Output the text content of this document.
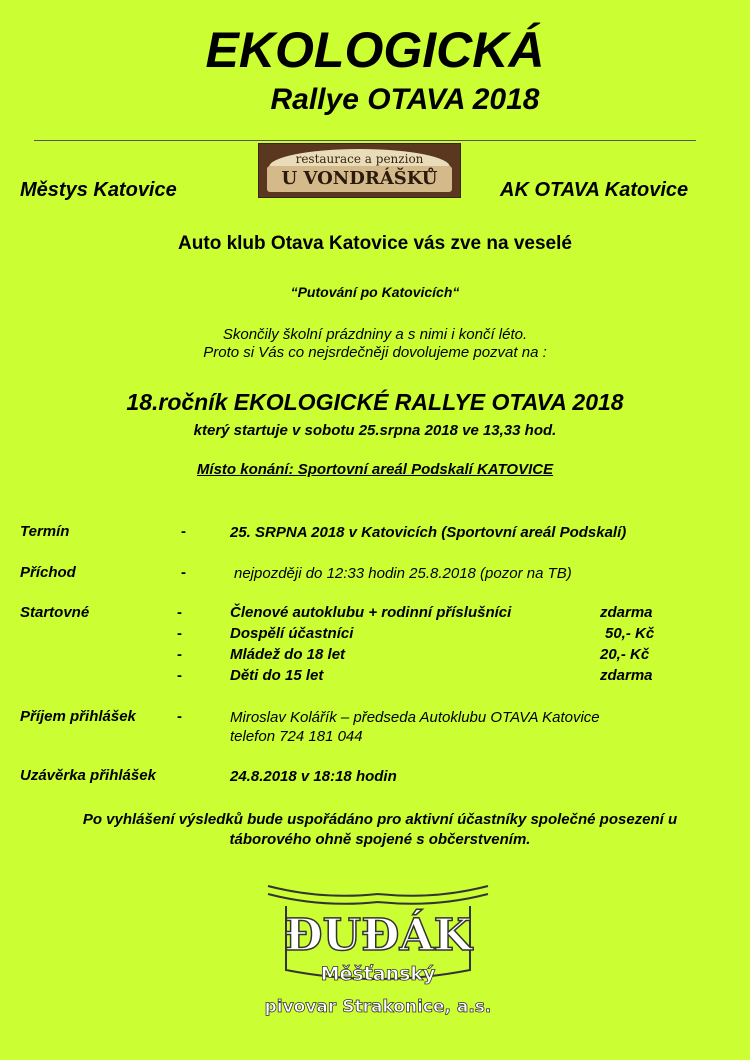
EKOLOGICKÁ
Rallye OTAVA 2018
Městys Katovice
restaurace a penzion
U VONDRÁŠKŮ
AK OTAVA Katovice
Auto klub Otava Katovice vás zve na veselé
“Putování po Katovicích“
Skončily školní prázdniny a s nimi i končí léto.
Proto si Vás co nejsrdečněji dovolujeme pozvat na :
18.ročník EKOLOGICKÉ RALLYE OTAVA 2018
který startuje v sobotu 25.srpna 2018 ve 13,33 hod.
Místo konání: Sportovní areál Podskalí KATOVICE
Termín	-	25. SRPNA 2018 v Katovicích (Sportovní areál Podskalí)
Příchod	-	nejpozději do 12:33 hodin 25.8.2018 (pozor na TB)
Startovné	-	Členové autoklubu + rodinní příslušníci	zdarma
-	Dospělí účastníci	50,- Kč
-	Mládež do 18 let	20,- Kč
-	Děti do 15 let	zdarma
Příjem přihlášek	-	Miroslav Kolářík – předseda Autoklubu OTAVA Katovice
telefon 724 181 044
Uzávěrka přihlášek	24.8.2018 v 18:18 hodin
Po vyhlášení výsledků bude uspořádáno pro aktivní účastníky společné posezení u
táborového ohně spojené s občerstvením.
ĐUĐÁK
Měšťanský
pivovar Strakonice, a.s.
